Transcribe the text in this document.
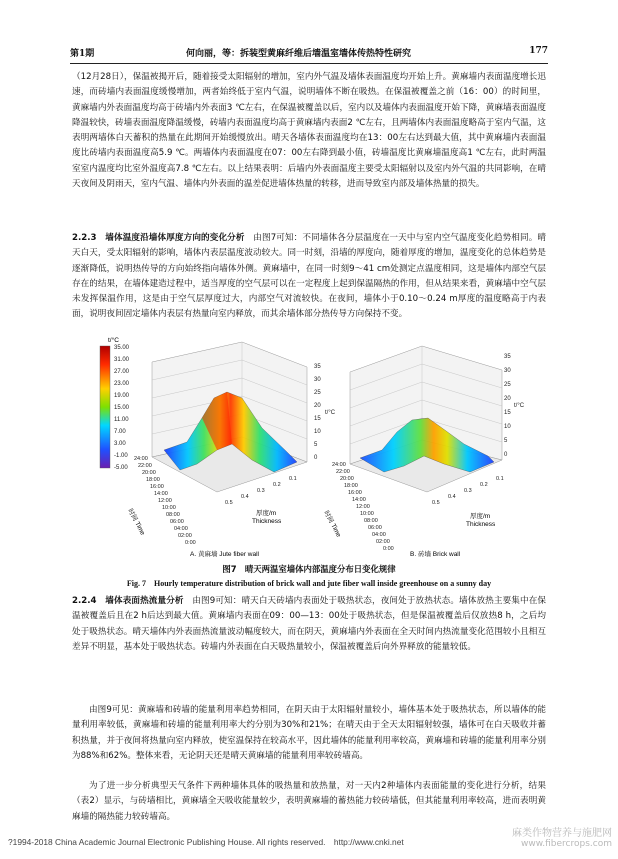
第1期	何向丽，等：拆装型黄麻纤维后墙温室墙体传热特性研究	177

（12月28日），保温被揭开后，随着接受太阳辐射的增加，室内外气温及墙体表面温度均开始上升。黄麻墙内表面温度增长迅速，而砖墙内表面温度缓慢增加，两者始终低于室内气温，说明墙体不断在吸热。在保温被覆盖之前（16：00）的时间里，黄麻墙内外表面温度均高于砖墙内外表面3 ℃左右，在保温被覆盖以后，室内以及墙体内表面温度开始下降，黄麻墙表面温度降温较快，砖墙表面温度降温缓慢，砖墙内表面温度均高于黄麻墙内表面2 ℃左右，且两墙体内表面温度略高于室内气温，这表明两墙体白天蓄积的热量在此期间开始缓慢放出。晴天各墙体表面温度均在13：00左右达到最大值，其中黄麻墙内表面温度比砖墙内表面温度高5.9 ℃。两墙体内表面温度在07：00左右降到最小值，砖墙温度比黄麻墙温度高1 ℃左右，此时两温室室内温度均比室外温度高7.8 ℃左右。以上结果表明：后墙内外表面温度主要受太阳辐射以及室内外气温的共同影响，在晴天夜间及阴雨天，室内气温、墙体内外表面的温差促进墙体热量的转移，进而导致室内部及墙体热量的损失。

2.2.3　墙体温度沿墙体厚度方向的变化分析　 由图7可知：不同墙体各分层温度在一天中与室内空气温度变化趋势相同。晴天白天，受太阳辐射的影响，墙体内表层温度波动较大。同一时刻，沿墙的厚度向，随着厚度的增加，温度变化的总体趋势是逐渐降低，说明热传导的方向始终指向墙体外侧。黄麻墙中，在同一时刻9～41 cm处测定点温度相同，这是墙体内部空气层存在的结果，在墙体建造过程中，适当厚度的空气层可以在一定程度上起到保温隔热的作用，但从结果来看，黄麻墙中空气层未发挥保温作用，这是由于空气层厚度过大，内部空气对流较快。在夜间，墙体小于0.10～0.24 m厚度的温度略高于内表面，说明夜间固定墙体内表层有热量向室内释放，而其余墙体部分热传导方向保持不变。

t/°C
35.00
31.00
27.00
23.00
19.00
15.00
11.00
7.00
3.00
-1.00
-5.00
35
30
25
20
15
10
5
0
t/°C
24:00
22:00
20:00
18:00
16:00
14:00
12:00
10:00
08:00
06:00
04:00
02:00
0:00
时间 Time
0.5
0.4
0.3
0.2
0.1
厚度/m
Thickness
A. 黄麻墙 Jute fiber wall
35
30
25
20
15
10
5
0
t/°C
24:00
22:00
20:00
18:00
16:00
14:00
12:00
10:00
08:00
06:00
04:00
02:00
0:00
时间 Time
0.5
0.4
0.3
0.2
0.1
厚度/m
Thickness
B. 砖墙 Brick wall
图7　晴天两温室墙体内部温度分布日变化规律
Fig. 7　Hourly temperature distribution of brick wall and jute fiber wall inside greenhouse on a sunny day

2.2.4　墙体表面热流量分析　 由图9可知：晴天白天砖墙内表面处于吸热状态，夜间处于放热状态。墙体放热主要集中在保温被覆盖后且在2 h后达到最大值。黄麻墙内表面在09：00—13：00处于吸热状态，但是保温被覆盖后仅放热8 h，之后均处于吸热状态。晴天墙体内外表面热流量波动幅度较大，而在阴天，黄麻墙内外表面在全天时间内热流量变化范围较小且相互差异不明显，基本处于吸热状态。砖墙内外表面在白天吸热量较小，保温被覆盖后向外界释放的能量较低。

由图9可见：黄麻墙和砖墙的能量利用率趋势相同，在阴天由于太阳辐射量较小，墙体基本处于吸热状态，所以墙体的能量利用率较低，黄麻墙和砖墙的能量利用率大约分别为30%和21%；在晴天由于全天太阳辐射较强，墙体可在白天吸收并蓄积热量，并于夜间将热量向室内释放，使室温保持在较高水平，因此墙体的能量利用率较高，黄麻墙和砖墙的能量利用率分别为88%和62%。整体来看，无论阴天还是晴天黄麻墙的能量利用率较砖墙高。

为了进一步分析典型天气条件下两种墙体具体的吸热量和放热量，对一天内2种墙体内表面能量的变化进行分析，结果（表2）显示，与砖墙相比，黄麻墙全天吸收能量较少，表明黄麻墙的蓄热能力较砖墙低，但其能量利用率较高，进而表明黄麻墙的隔热能力较砖墙高。

?1994-2018 China Academic Journal Electronic Publishing House. All rights reserved.　http://www.cnki.net
麻类作物营养与施肥网
www.fibercrops.com
